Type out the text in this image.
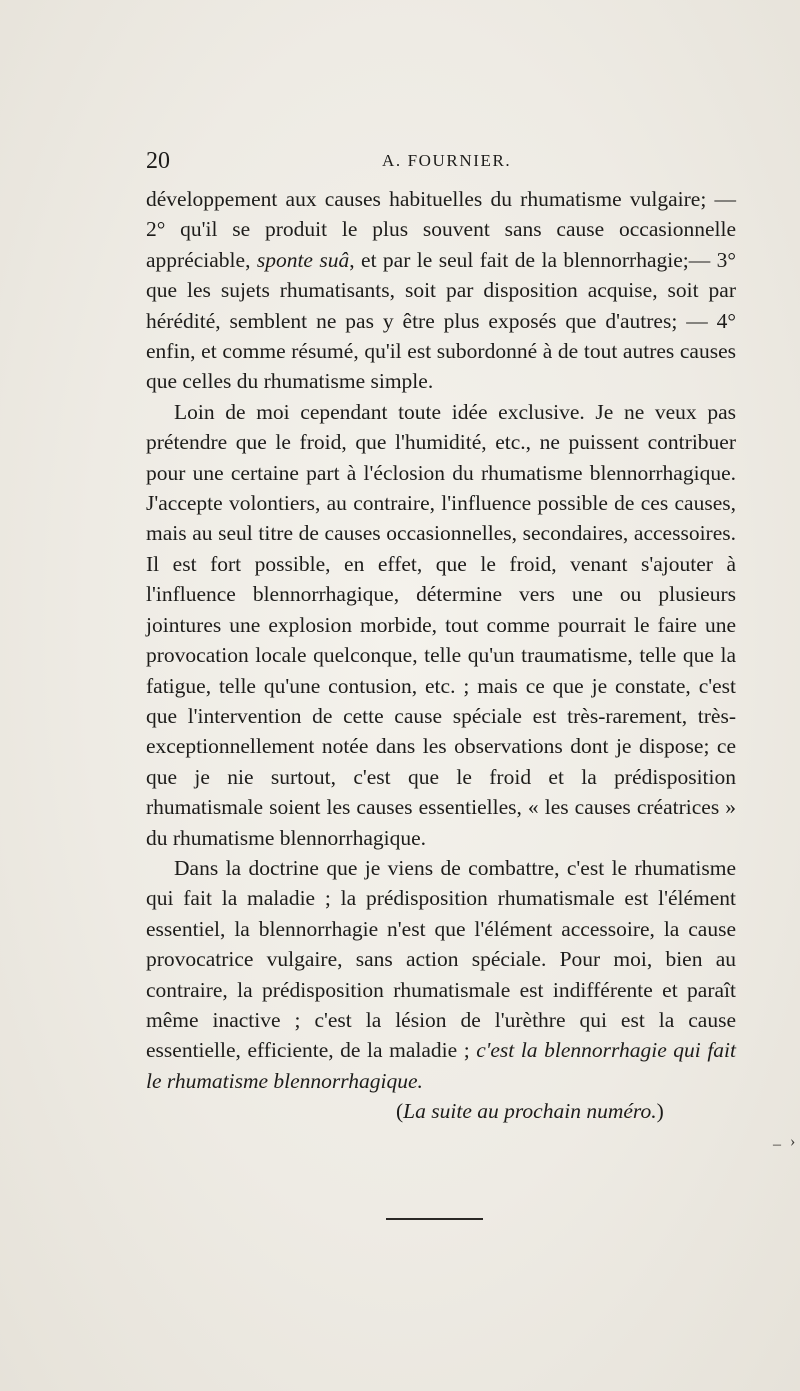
20	A. FOURNIER.

développement aux causes habituelles du rhumatisme vulgaire; — 2° qu'il se produit le plus souvent sans cause occasionnelle appréciable, sponte suâ, et par le seul fait de la blennorrhagie;— 3° que les sujets rhumatisants, soit par disposition acquise, soit par hérédité, semblent ne pas y être plus exposés que d'autres; — 4° enfin, et comme résumé, qu'il est subordonné à de tout autres causes que celles du rhumatisme simple.

Loin de moi cependant toute idée exclusive. Je ne veux pas prétendre que le froid, que l'humidité, etc., ne puissent contribuer pour une certaine part à l'éclosion du rhumatisme blennorrhagique. J'accepte volontiers, au contraire, l'influence possible de ces causes, mais au seul titre de causes occasionnelles, secondaires, accessoires. Il est fort possible, en effet, que le froid, venant s'ajouter à l'influence blennorrhagique, détermine vers une ou plusieurs jointures une explosion morbide, tout comme pourrait le faire une provocation locale quelconque, telle qu'un traumatisme, telle que la fatigue, telle qu'une contusion, etc. ; mais ce que je constate, c'est que l'intervention de cette cause spéciale est très-rarement, très-exceptionnellement notée dans les observations dont je dispose; ce que je nie surtout, c'est que le froid et la prédisposition rhumatismale soient les causes essentielles, « les causes créatrices » du rhumatisme blennorrhagique.

Dans la doctrine que je viens de combattre, c'est le rhumatisme qui fait la maladie ; la prédisposition rhumatismale est l'élément essentiel, la blennorrhagie n'est que l'élément accessoire, la cause provocatrice vulgaire, sans action spéciale. Pour moi, bien au contraire, la prédisposition rhumatismale est indifférente et paraît même inactive ; c'est la lésion de l'urèthre qui est la cause essentielle, efficiente, de la maladie ; c'est la blennorrhagie qui fait le rhumatisme blennorrhagique.

(La suite au prochain numéro.)

– ›
